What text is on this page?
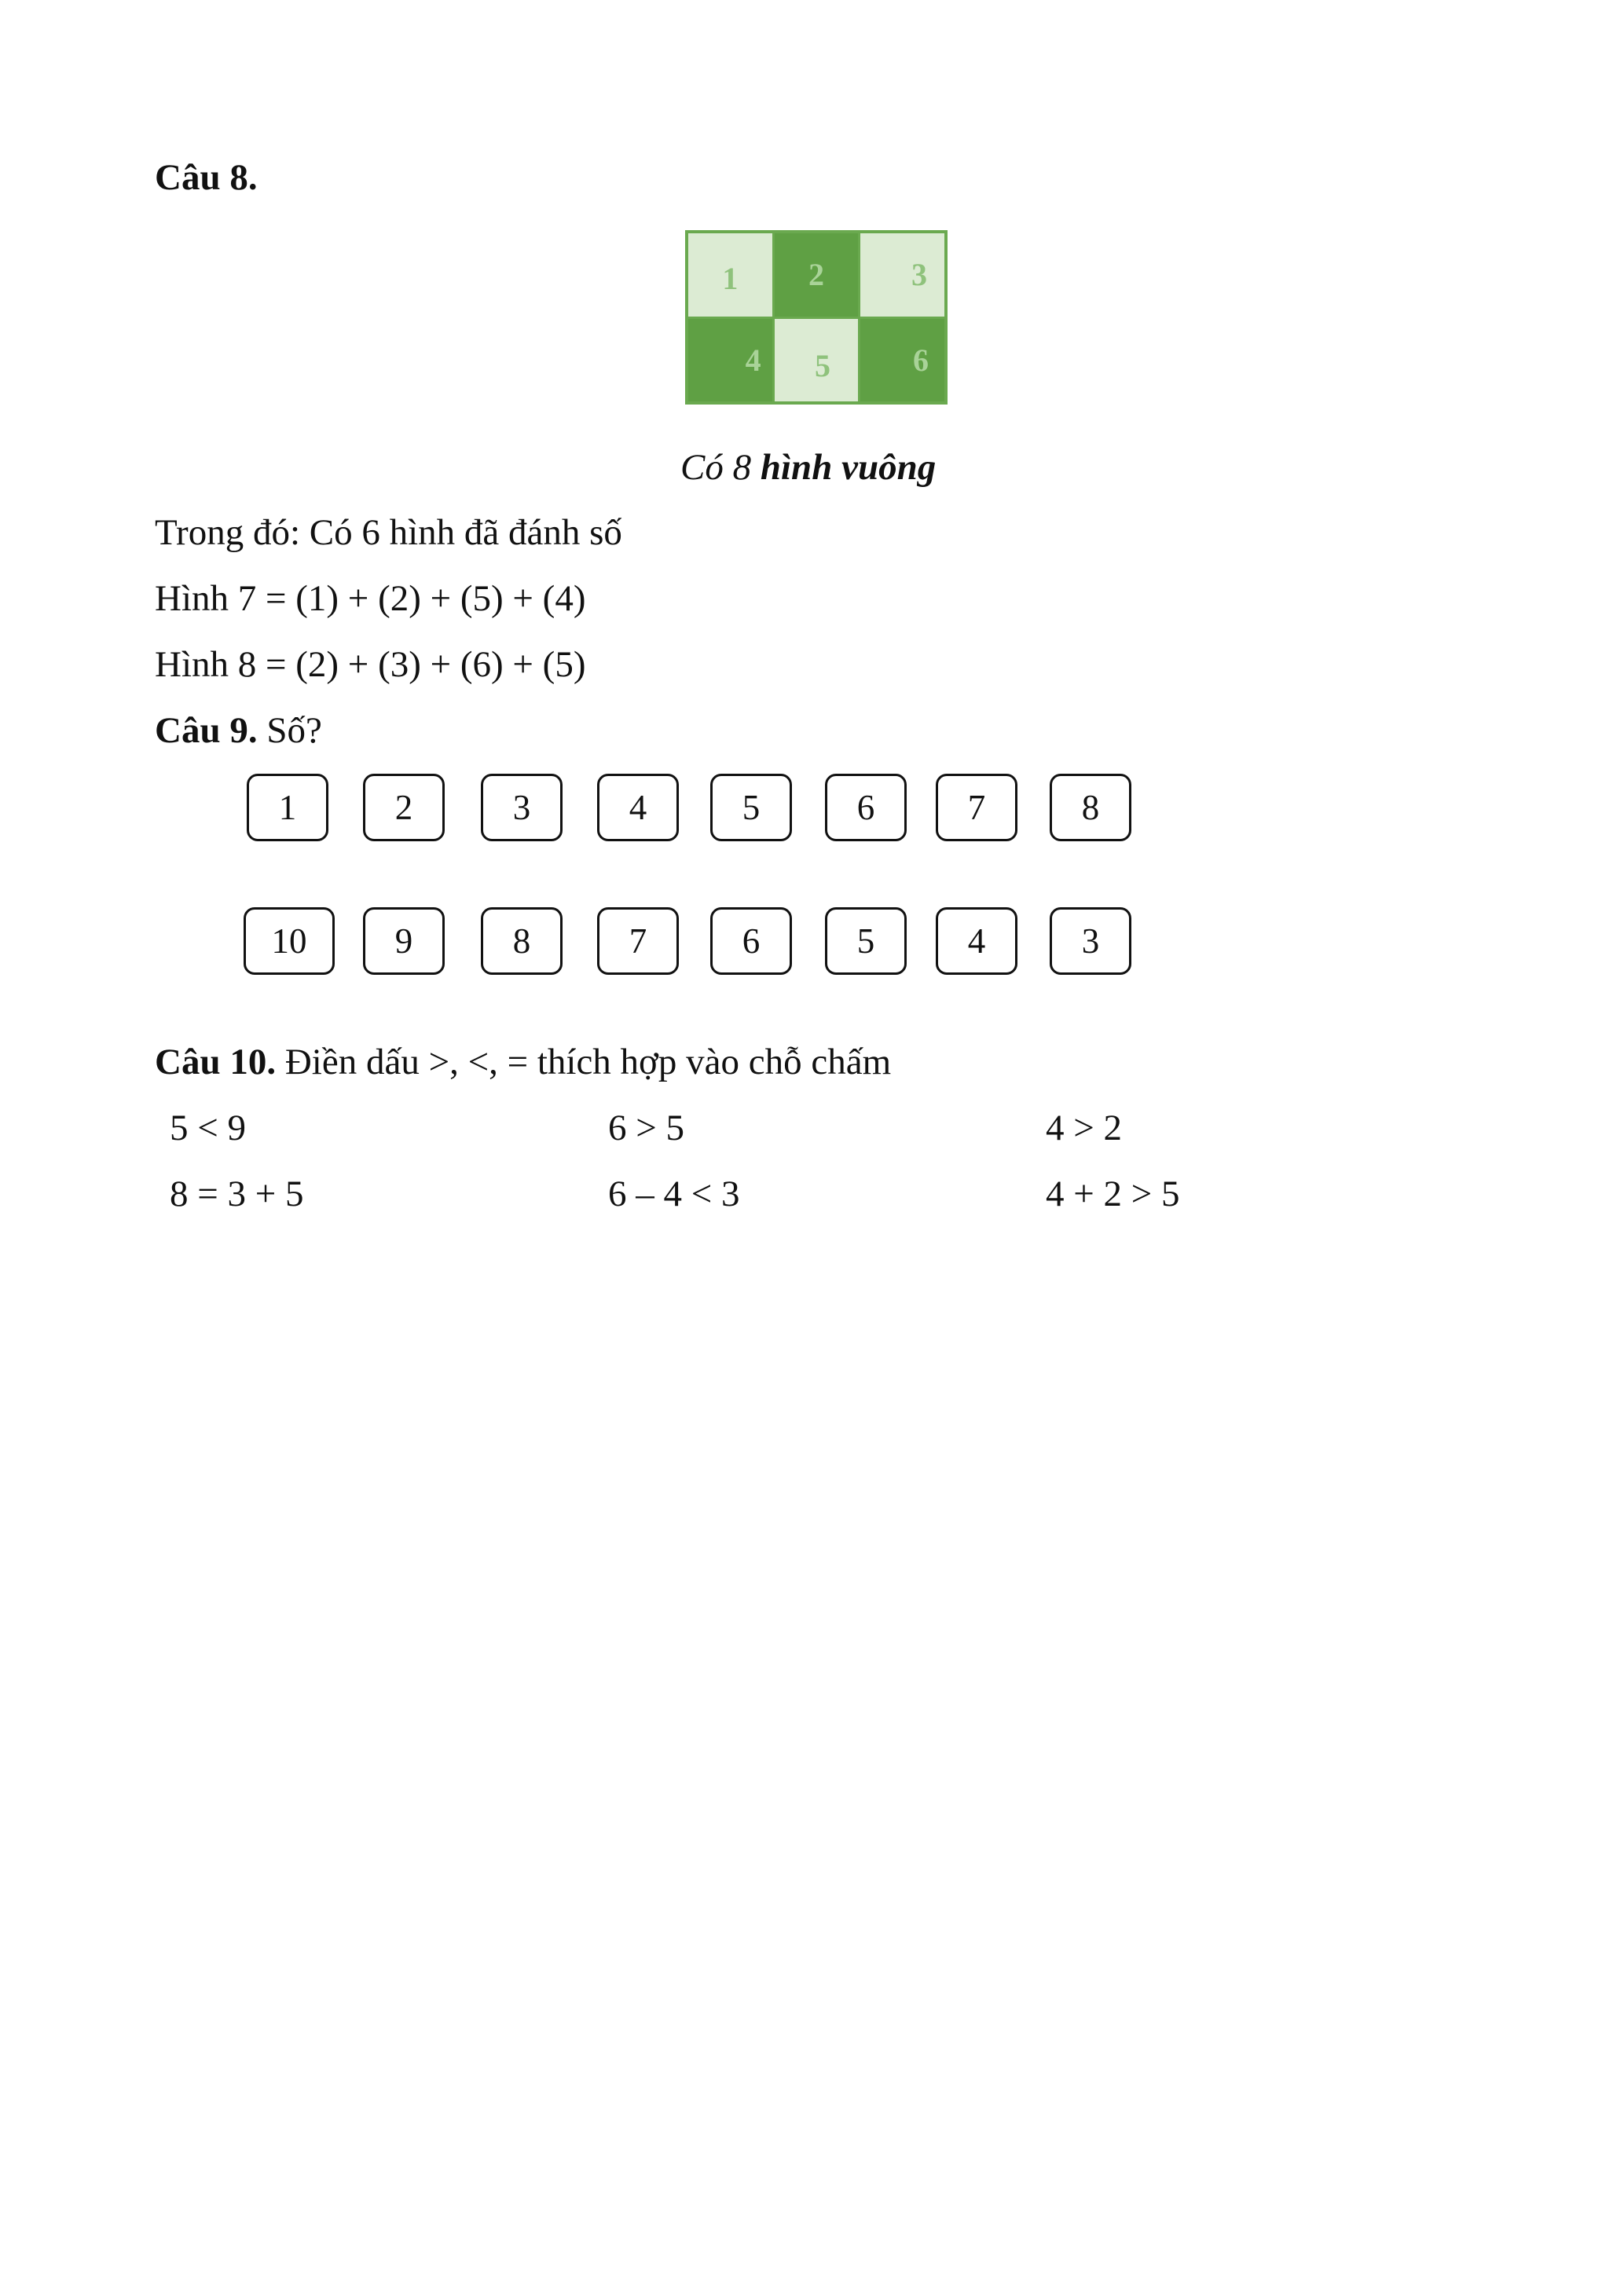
Câu 8.
1	2	3
4	5	6
Có 8 hình vuông
Trong đó: Có 6 hình đã đánh số
Hình 7 = (1) + (2) + (5) + (4)
Hình 8 = (2) + (3) + (6) + (5)
Câu 9. Số?
1	2	3	4	5	6	7	8
10	9	8	7	6	5	4	3
Câu 10. Điền dấu >, <, = thích hợp vào chỗ chấm
5 < 9	6 > 5	4 > 2
8 = 3 + 5	6 – 4 < 3	4 + 2 > 5
